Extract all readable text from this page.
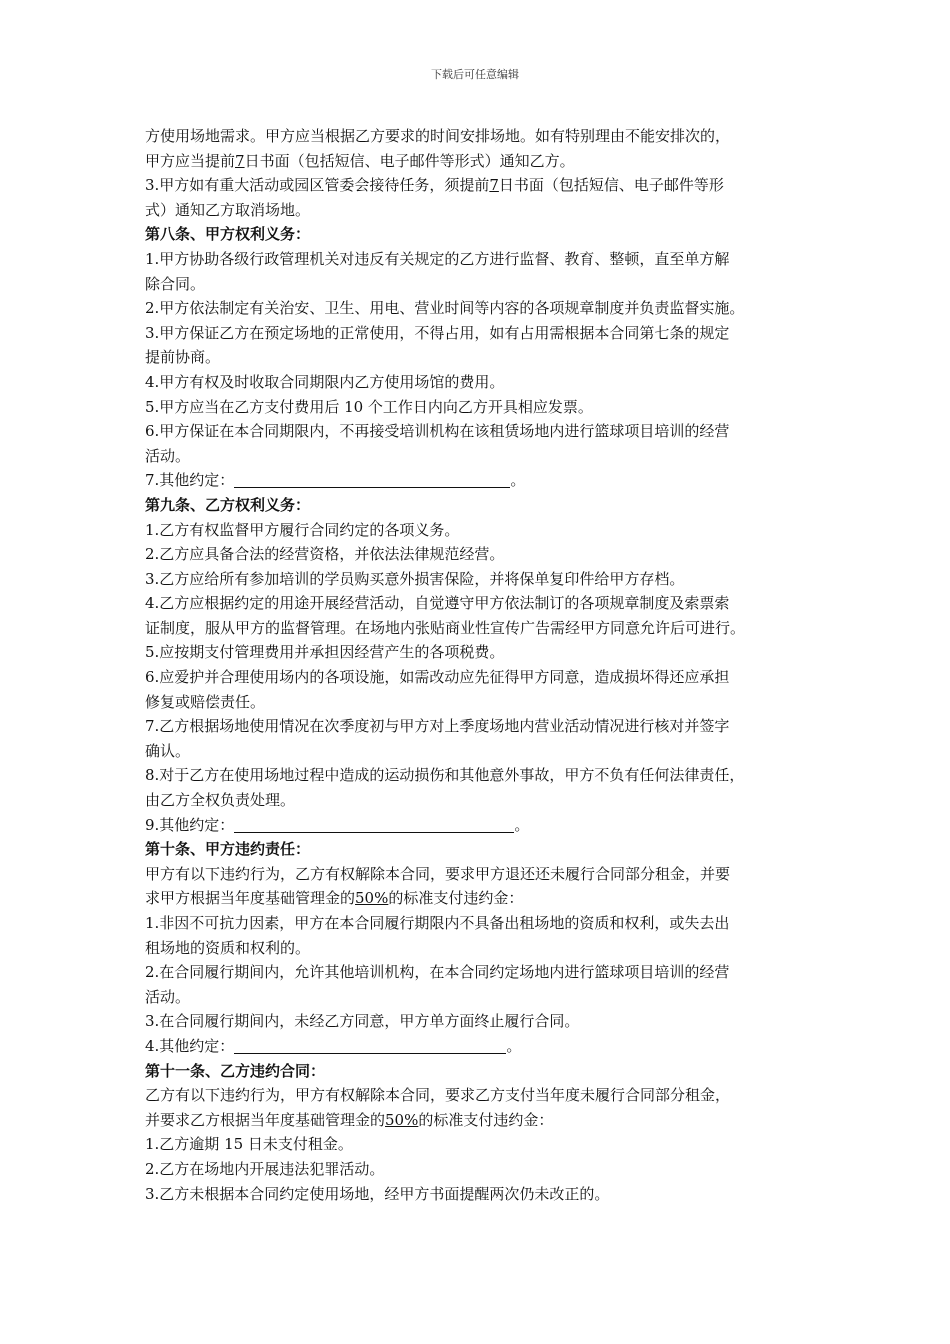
下载后可任意编辑
方使用场地需求。甲方应当根据乙方要求的时间安排场地。如有特别理由不能安排次的，
甲方应当提前7日书面（包括短信、电子邮件等形式）通知乙方。
3.甲方如有重大活动或园区管委会接待任务，须提前7日书面（包括短信、电子邮件等形
式）通知乙方取消场地。
第八条、甲方权利义务：
1.甲方协助各级行政管理机关对违反有关规定的乙方进行监督、教育、整顿，直至单方解
除合同。
2.甲方依法制定有关治安、卫生、用电、营业时间等内容的各项规章制度并负责监督实施。
3.甲方保证乙方在预定场地的正常使用，不得占用，如有占用需根据本合同第七条的规定
提前协商。
4.甲方有权及时收取合同期限内乙方使用场馆的费用。
5.甲方应当在乙方支付费用后 10 个工作日内向乙方开具相应发票。
6.甲方保证在本合同期限内，不再接受培训机构在该租赁场地内进行篮球项目培训的经营
活动。
7.其他约定：	。
第九条、乙方权利义务：
1.乙方有权监督甲方履行合同约定的各项义务。
2.乙方应具备合法的经营资格，并依法法律规范经营。
3.乙方应给所有参加培训的学员购买意外损害保险，并将保单复印件给甲方存档。
4.乙方应根据约定的用途开展经营活动，自觉遵守甲方依法制订的各项规章制度及索票索
证制度，服从甲方的监督管理。在场地内张贴商业性宣传广告需经甲方同意允许后可进行。
5.应按期支付管理费用并承担因经营产生的各项税费。
6.应爱护并合理使用场内的各项设施，如需改动应先征得甲方同意，造成损坏得还应承担
修复或赔偿责任。
7.乙方根据场地使用情况在次季度初与甲方对上季度场地内营业活动情况进行核对并签字
确认。
8.对于乙方在使用场地过程中造成的运动损伤和其他意外事故，甲方不负有任何法律责任，
由乙方全权负责处理。
9.其他约定：	。
第十条、甲方违约责任：
甲方有以下违约行为，乙方有权解除本合同，要求甲方退还还未履行合同部分租金，并要
求甲方根据当年度基础管理金的50%的标准支付违约金：
1.非因不可抗力因素，甲方在本合同履行期限内不具备出租场地的资质和权利，或失去出
租场地的资质和权利的。
2.在合同履行期间内，允许其他培训机构，在本合同约定场地内进行篮球项目培训的经营
活动。
3.在合同履行期间内，未经乙方同意，甲方单方面终止履行合同。
4.其他约定：	。
第十一条、乙方违约合同：
乙方有以下违约行为，甲方有权解除本合同，要求乙方支付当年度未履行合同部分租金，
并要求乙方根据当年度基础管理金的50%的标准支付违约金：
1.乙方逾期 15 日未支付租金。
2.乙方在场地内开展违法犯罪活动。
3.乙方未根据本合同约定使用场地，经甲方书面提醒两次仍未改正的。
